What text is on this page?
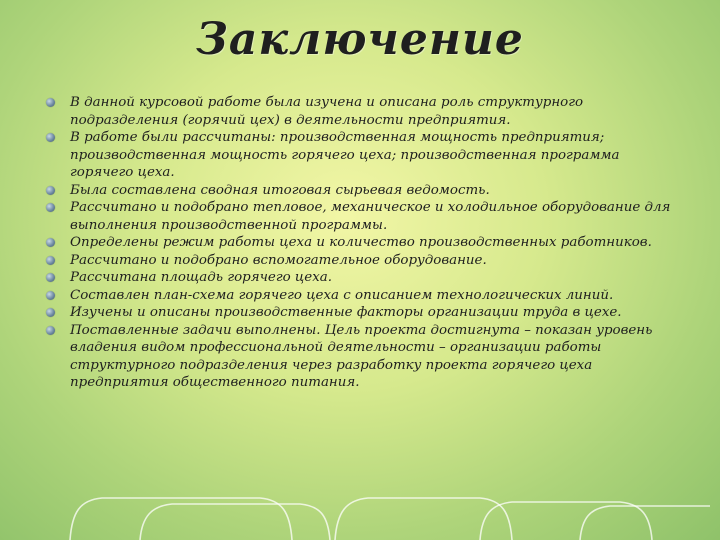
Заключение
В данной курсовой работе была изучена и описана роль структурного подразделения (горячий цех) в деятельности предприятия.
В работе были рассчитаны: производственная мощность предприятия; производственная мощность горячего цеха; производственная программа горячего цеха.
Была составлена сводная итоговая сырьевая ведомость.
Рассчитано и подобрано тепловое, механическое и холодильное оборудование для выполнения производственной программы.
Определены режим работы цеха и количество производственных работников.
Рассчитано и подобрано вспомогательное оборудование.
Рассчитана площадь горячего цеха.
Составлен план-схема горячего цеха с описанием технологических линий.
Изучены и описаны производственные факторы организации труда в цехе.
Поставленные задачи выполнены. Цель проекта достигнута – показан уровень владения видом профессиональной деятельности – организации работы структурного подразделения через разработку проекта горячего цеха предприятия общественного питания.
